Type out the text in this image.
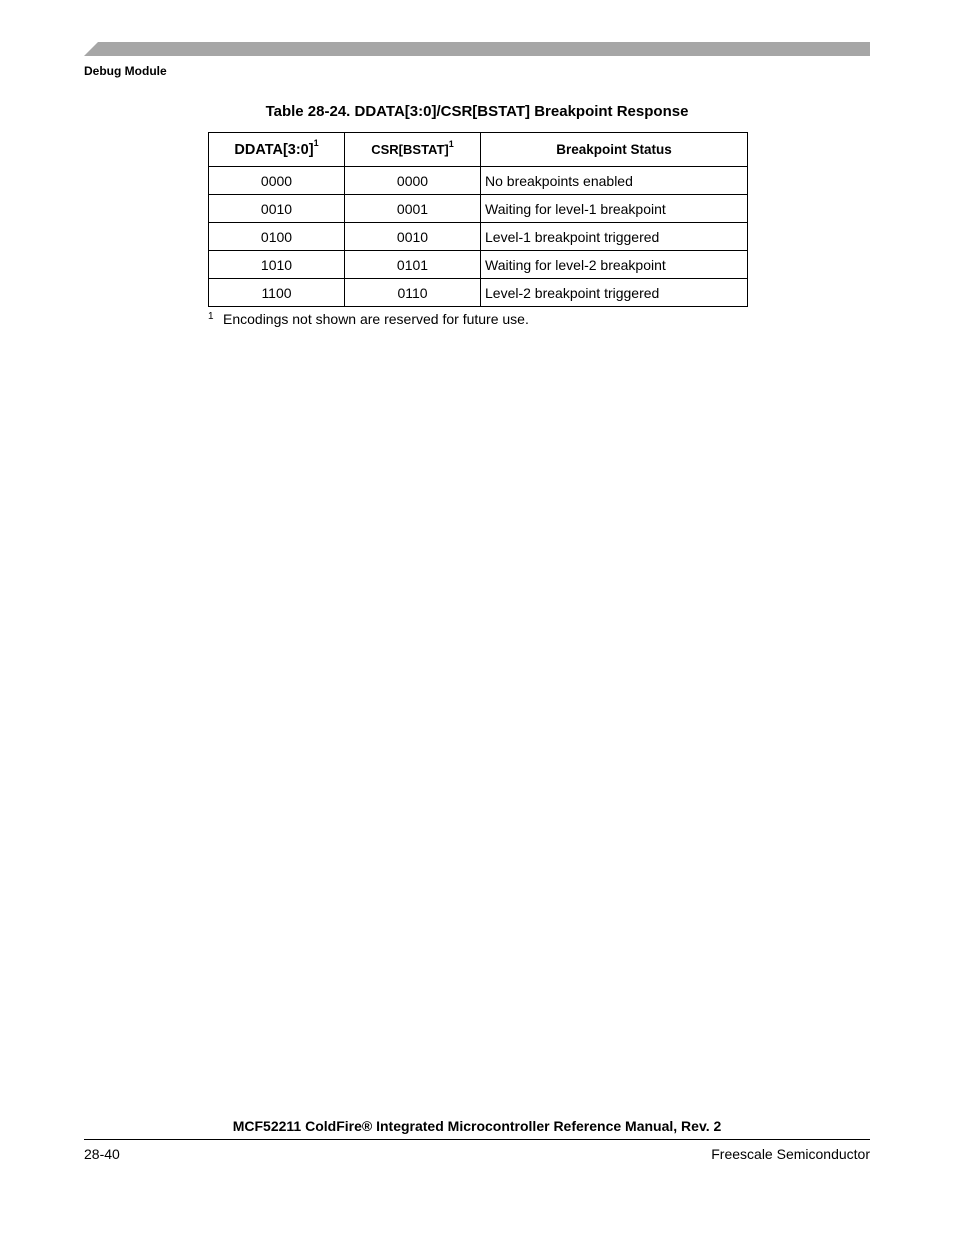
Debug Module
Table 28-24. DDATA[3:0]/CSR[BSTAT] Breakpoint Response
DDATA[3:0]$^1$	CSR[BSTAT]$^1$	Breakpoint Status
0000	0000	No breakpoints enabled
0010	0001	Waiting for level-1 breakpoint
0100	0010	Level-1 breakpoint triggered
1010	0101	Waiting for level-2 breakpoint
1100	0110	Level-2 breakpoint triggered
1 Encodings not shown are reserved for future use.
MCF52211 ColdFire® Integrated Microcontroller Reference Manual, Rev. 2
28-40	Freescale Semiconductor
